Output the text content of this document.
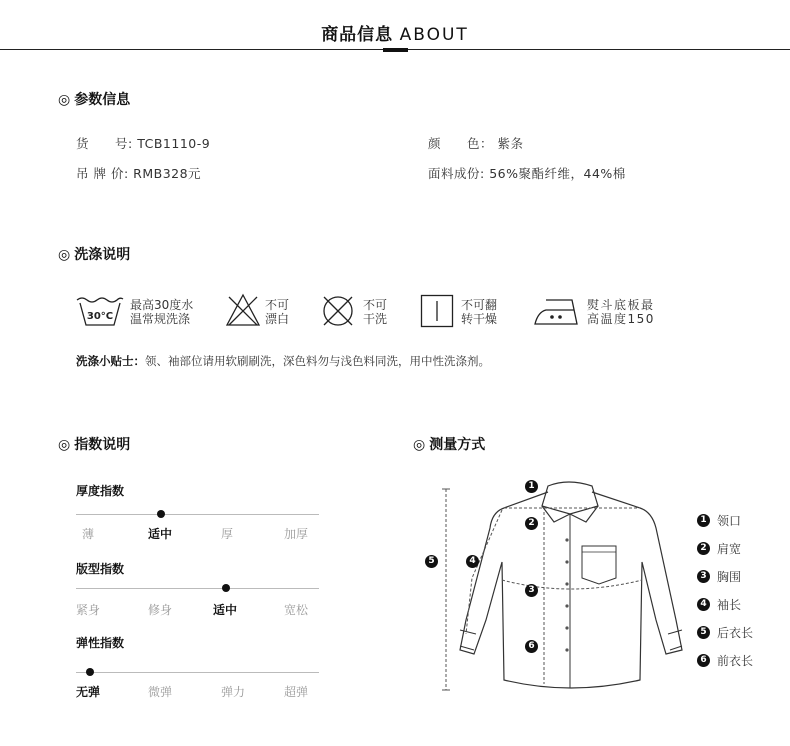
商品信息 ABOUT
◎ 参数信息
货　　号: TCB1110-9
吊 牌 价: RMB328元
颜　　色： 紫条
面料成份: 56%聚酯纤维，44%棉
◎ 洗涤说明
30°C
最高30度水
温常规洗涤
不可
漂白
不可
干洗
不可翻
转干燥
熨斗底板最
高温度150
洗涤小贴士：领、袖部位请用软刷刷洗，深色料勿与浅色料同洗，用中性洗涤剂。
◎ 指数说明
厚度指数
薄	适中	厚	加厚
版型指数
紧身	修身	适中	宽松
弹性指数
无弹	微弹	弹力	超弹
◎ 测量方式
1
2
3
4
5
6
1 领口
2 肩宽
3 胸围
4 袖长
5 后衣长
6 前衣长
